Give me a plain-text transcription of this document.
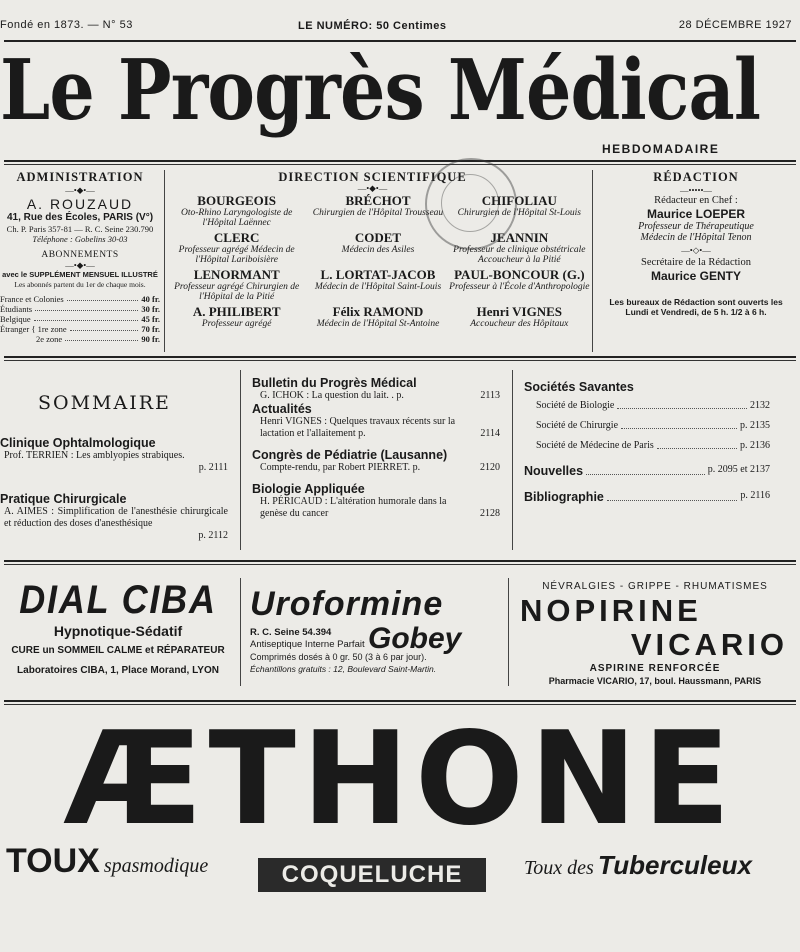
Fondé en 1873. — N° 53	LE NUMÉRO: 50 Centimes	28 DÉCEMBRE 1927
Le Progrès Médical
HEBDOMADAIRE
ADMINISTRATION
—•◆•—
A. ROUZAUD
41, Rue des Écoles, PARIS (V°)
Ch. P. Paris 357-81 — R. C. Seine 230.790
Téléphone : Gobelins 30-03
ABONNEMENTS
—•◆•—
avec le SUPPLÉMENT MENSUEL ILLUSTRÉ
Les abonnés partent du 1er de chaque mois.
France et Colonies	40 fr.
Étudiants	30 fr.
Belgique	45 fr.
Étranger { 1re zone	70 fr.
2e zone	90 fr.
DIRECTION SCIENTIFIQUE
—•◆•—
BOURGEOIS
Oto-Rhino Laryngologiste de l'Hôpital Laënnec
BRÉCHOT
Chirurgien de l'Hôpital Trousseau
CHIFOLIAU
Chirurgien de l'Hôpital St-Louis
CLERC
Professeur agrégé Médecin de l'Hôpital Lariboisière
CODET
Médecin des Asiles
JEANNIN
Professeur de clinique obstétricale Accoucheur à la Pitié
LENORMANT
Professeur agrégé Chirurgien de l'Hôpital de la Pitié
L. LORTAT-JACOB
Médecin de l'Hôpital Saint-Louis
PAUL-BONCOUR (G.)
Professeur à l'École d'Anthropologie
A. PHILIBERT
Professeur agrégé
Félix RAMOND
Médecin de l'Hôpital St-Antoine
Henri VIGNES
Accoucheur des Hôpitaux
RÉDACTION
—•••••—
Rédacteur en Chef :
Maurice LOEPER
Professeur de Thérapeutique
Médecin de l'Hôpital Tenon
—•◇•—
Secrétaire de la Rédaction
Maurice GENTY
Les bureaux de Rédaction sont ouverts les Lundi et Vendredi, de 5 h. 1/2 à 6 h.
SOMMAIRE
Clinique Ophtalmologique
Prof. TERRIEN : Les amblyopies strabiques.
p. 2111
Pratique Chirurgicale
A. AIMES : Simplification de l'anesthésie chirurgicale et réduction des doses d'anesthésique
p. 2112
Bulletin du Progrès Médical
G. ICHOK : La question du lait. . p.	2113
Actualités
Henri VIGNES : Quelques travaux récents sur la lactation et l'allaitement p.	2114
Congrès de Pédiatrie (Lausanne)
Compte-rendu, par Robert PIERRET. p.	2120
Biologie Appliquée
H. PÉRICAUD : L'altération humorale dans la genèse du cancer	2128
Sociétés Savantes
Société de Biologie	2132
Société de Chirurgie	p. 2135
Société de Médecine de Paris	p. 2136
Nouvelles	p. 2095 et 2137
Bibliographie	p. 2116
DIAL CIBA
Hypnotique-Sédatif
CURE un SOMMEIL CALME et RÉPARATEUR
Laboratoires CIBA, 1, Place Morand, LYON
Uroformine
Gobey
R. C. Seine 54.394
Antiseptique Interne Parfait
Comprimés dosés à 0 gr. 50 (3 à 6 par jour).
Échantillons gratuits : 12, Boulevard Saint-Martin.
NÉVRALGIES - GRIPPE - RHUMATISMES
NOPIRINE
VICARIO
ASPIRINE RENFORCÉE
Pharmacie VICARIO, 17, boul. Haussmann, PARIS
ÆTHONE
TOUX spasmodique	COQUELUCHE	Toux des Tuberculeux
